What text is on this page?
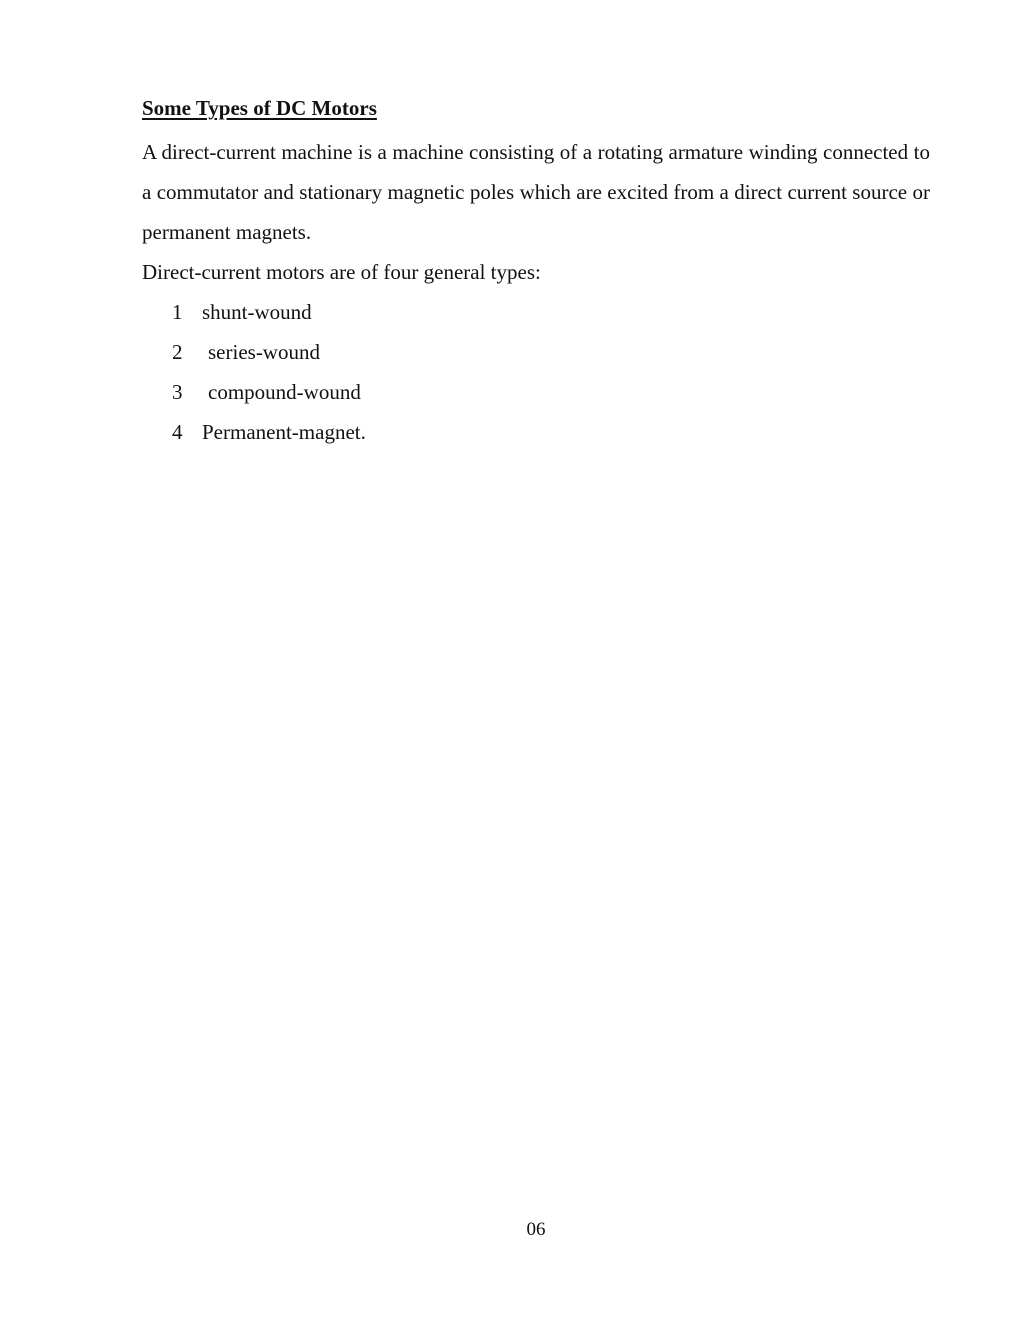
Some Types of DC Motors

A direct-current machine is a machine consisting of a rotating armature winding connected to a commutator and stationary magnetic poles which are excited from a direct current source or permanent magnets.

Direct-current motors are of four general types:

1 shunt-wound
2	series-wound
3	compound-wound
4 Permanent-magnet.
06
